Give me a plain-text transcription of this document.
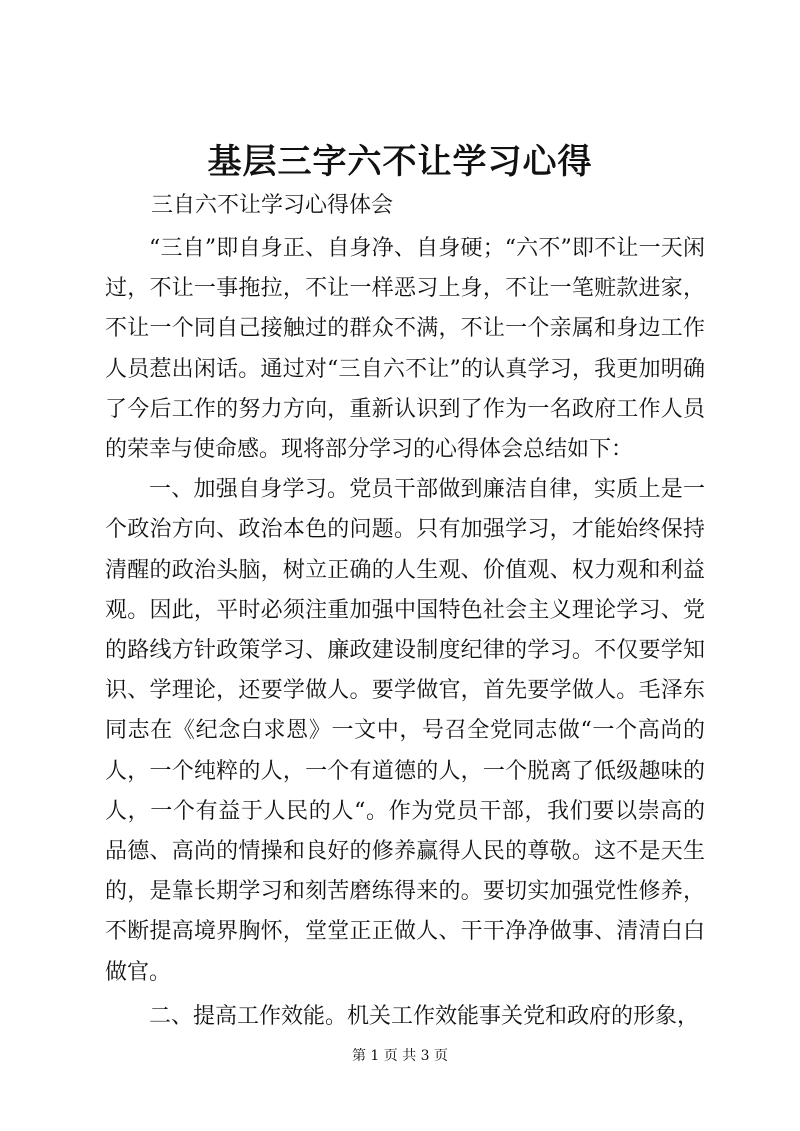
基层三字六不让学习心得
三自六不让学习心得体会

“三自”即自身正、自身净、自身硬；“六不”即不让一天闲过，不让一事拖拉，不让一样恶习上身，不让一笔赃款进家，不让一个同自己接触过的群众不满，不让一个亲属和身边工作人员惹出闲话。通过对“三自六不让”的认真学习，我更加明确了今后工作的努力方向，重新认识到了作为一名政府工作人员的荣幸与使命感。现将部分学习的心得体会总结如下：

一、加强自身学习。党员干部做到廉洁自律，实质上是一个政治方向、政治本色的问题。只有加强学习，才能始终保持清醒的政治头脑，树立正确的人生观、价值观、权力观和利益观。因此，平时必须注重加强中国特色社会主义理论学习、党的路线方针政策学习、廉政建设制度纪律的学习。不仅要学知识、学理论，还要学做人。要学做官，首先要学做人。毛泽东同志在《纪念白求恩》一文中，号召全党同志做“一个高尚的人，一个纯粹的人，一个有道德的人，一个脱离了低级趣味的人，一个有益于人民的人“。作为党员干部，我们要以崇高的品德、高尚的情操和良好的修养赢得人民的尊敬。这不是天生的，是靠长期学习和刻苦磨练得来的。要切实加强党性修养，不断提高境界胸怀，堂堂正正做人、干干净净做事、清清白白做官。

二、提高工作效能。机关工作效能事关党和政府的形象，

第 1 页 共 3 页
